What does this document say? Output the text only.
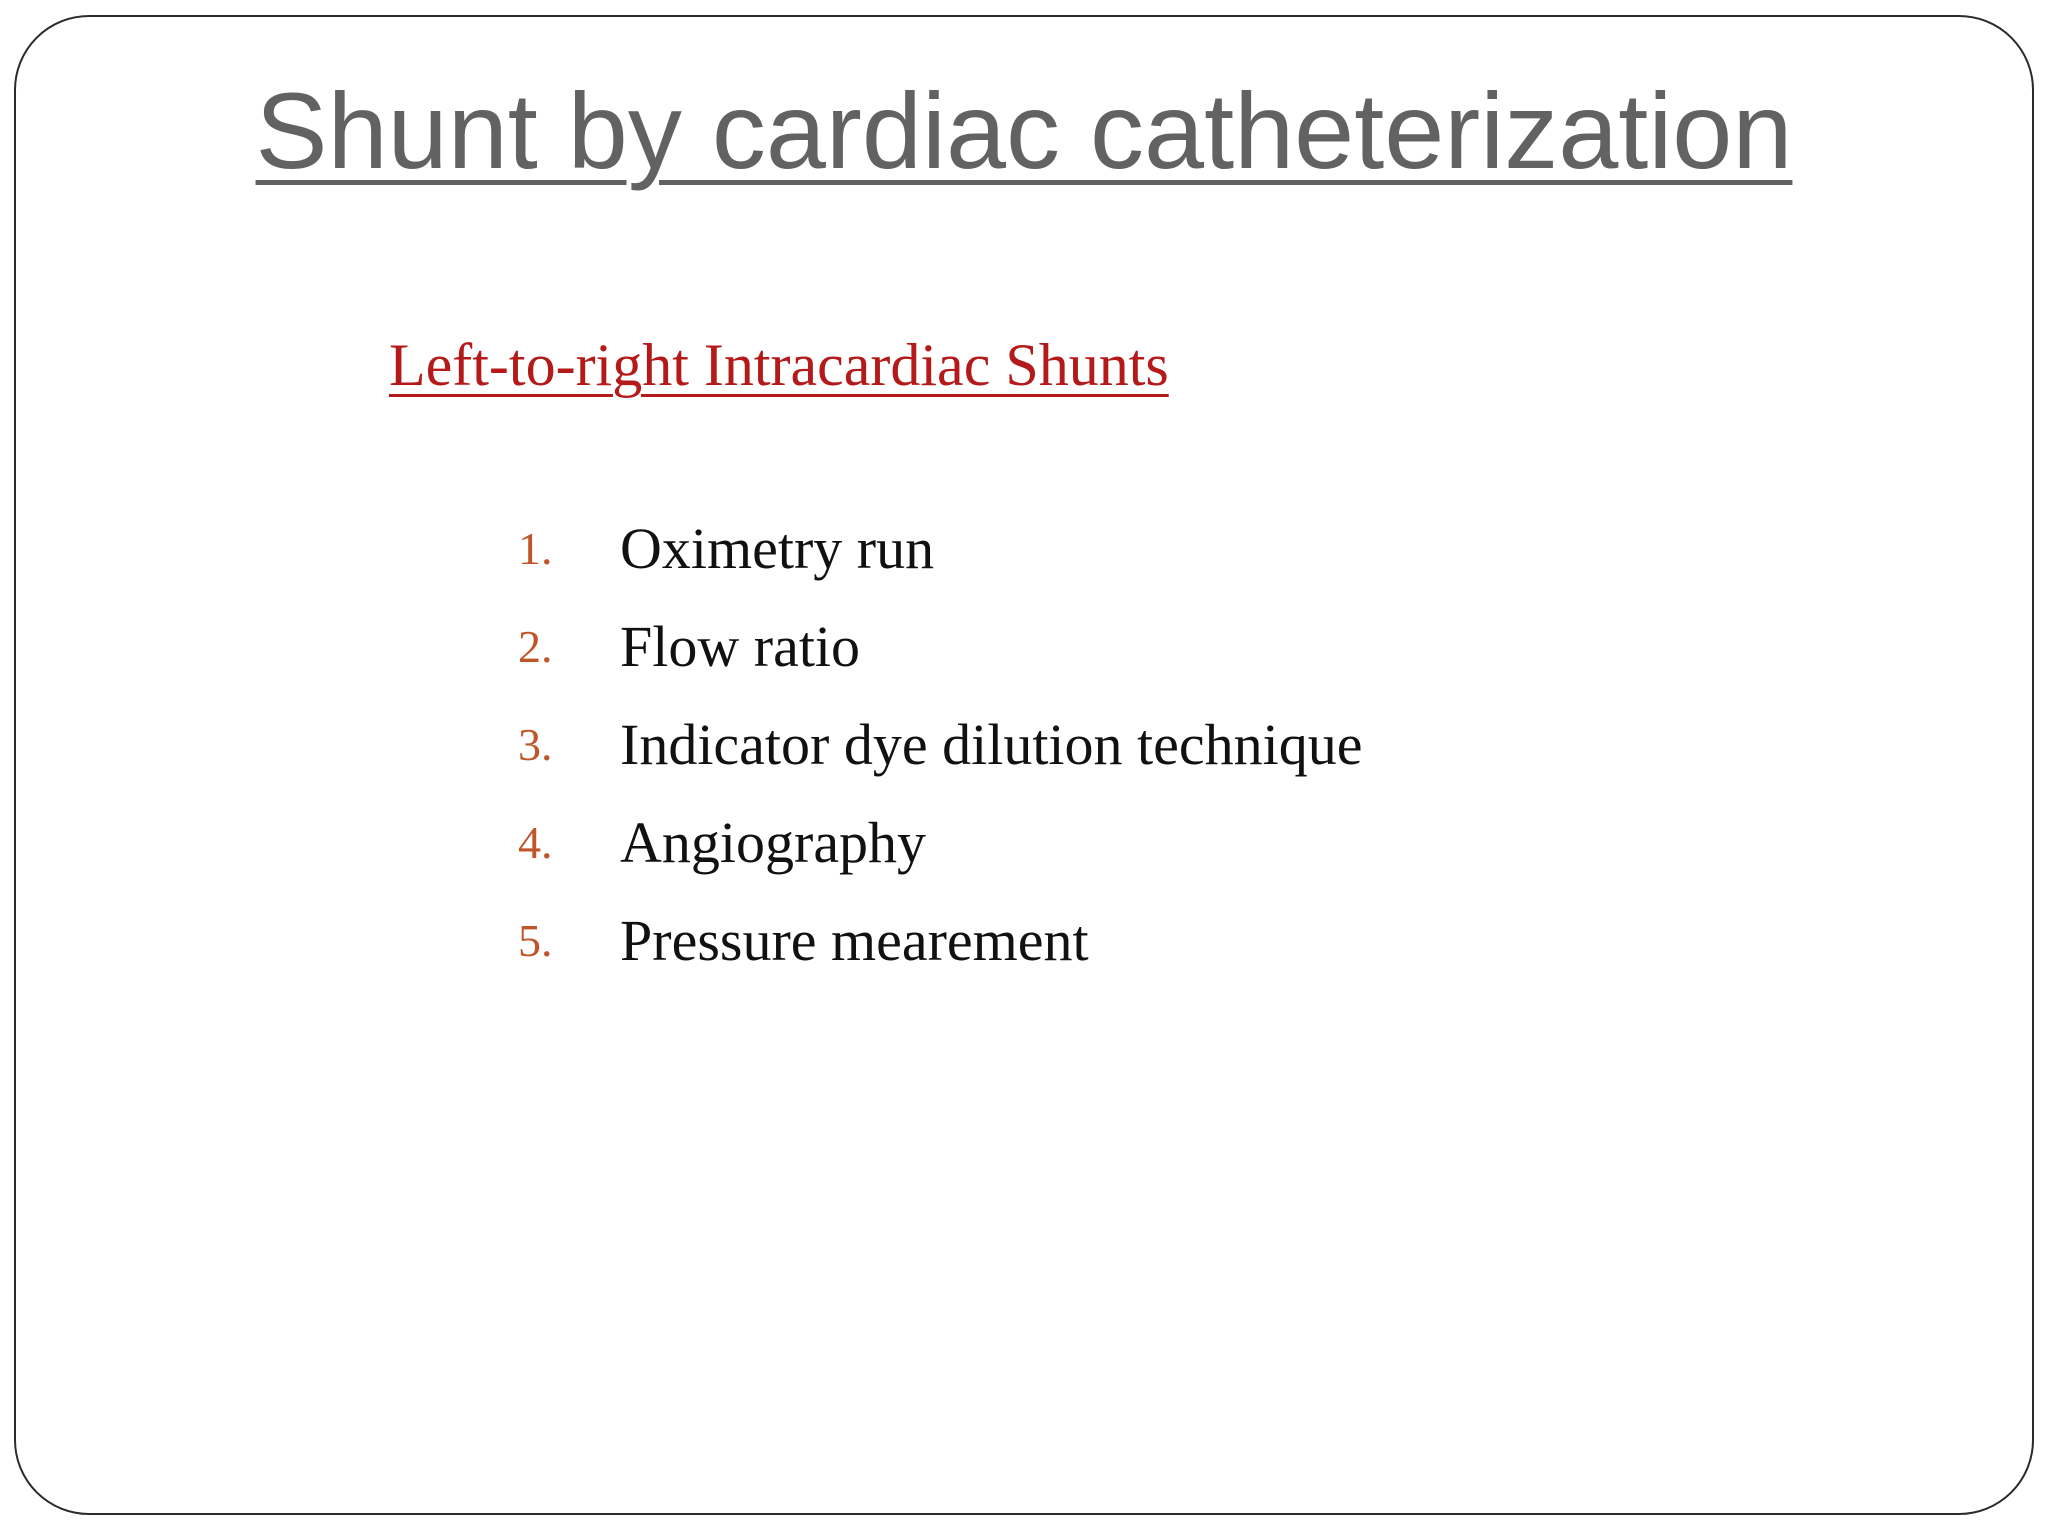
Shunt by cardiac catheterization
Left-to-right Intracardiac Shunts
1. Oximetry run
2. Flow ratio
3. Indicator dye dilution technique
4. Angiography
5. Pressure mearement
